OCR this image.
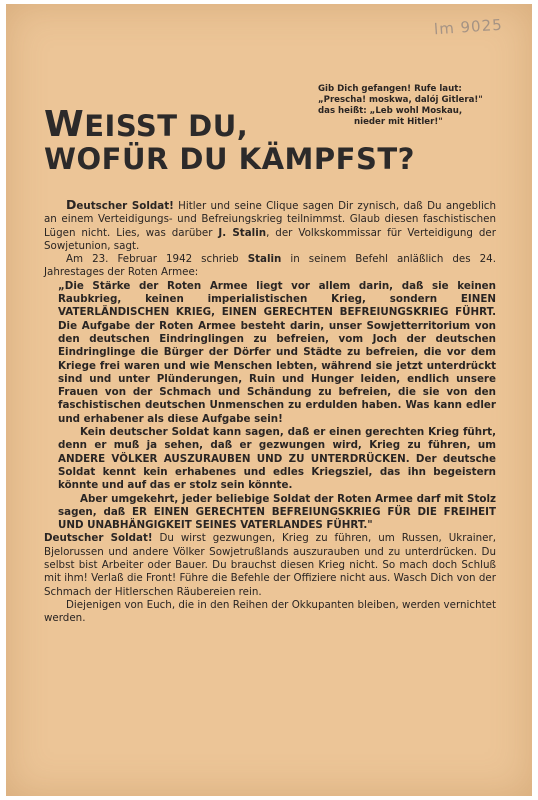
lm 9025
Gib Dich gefangen! Rufe laut:
„Prescha! moskwa, dalój Gitlera!"
das heißt: „Leb wohl Moskau,
nieder mit Hitler!"
WEISST DU,
WOFÜR DU KÄMPFST?

Deutscher Soldat! Hitler und seine Clique sagen Dir zynisch, daß Du angeblich an einem Verteidigungs- und Befreiungskrieg teilnimmst. Glaub diesen faschistischen Lügen nicht. Lies, was darüber J. Stalin, der Volkskommissar für Verteidigung der Sowjetunion, sagt.

Am 23. Februar 1942 schrieb Stalin in seinem Befehl anläßlich des 24. Jahrestages der Roten Armee:

„Die Stärke der Roten Armee liegt vor allem darin, daß sie keinen Raubkrieg, keinen imperialistischen Krieg, sondern EINEN VATERLÄNDISCHEN KRIEG, EINEN GERECHTEN BEFREIUNGSKRIEG FÜHRT. Die Aufgabe der Roten Armee besteht darin, unser Sowjetterritorium von den deutschen Eindringlingen zu befreien, vom Joch der deutschen Eindringlinge die Bürger der Dörfer und Städte zu befreien, die vor dem Kriege frei waren und wie Menschen lebten, während sie jetzt unterdrückt sind und unter Plünderungen, Ruin und Hunger leiden, endlich unsere Frauen von der Schmach und Schändung zu befreien, die sie von den faschistischen deutschen Unmenschen zu erdulden haben. Was kann edler und erhabener als diese Aufgabe sein!

Kein deutscher Soldat kann sagen, daß er einen gerechten Krieg führt, denn er muß ja sehen, daß er gezwungen wird, Krieg zu führen, um ANDERE VÖLKER AUSZURAUBEN UND ZU UNTERDRÜCKEN. Der deutsche Soldat kennt kein erhabenes und edles Kriegsziel, das ihn begeistern könnte und auf das er stolz sein könnte.

Aber umgekehrt, jeder beliebige Soldat der Roten Armee darf mit Stolz sagen, daß ER EINEN GERECHTEN BEFREIUNGSKRIEG FÜR DIE FREIHEIT UND UNABHÄNGIGKEIT SEINES VATERLANDES FÜHRT."

Deutscher Soldat! Du wirst gezwungen, Krieg zu führen, um Russen, Ukrainer, Bjelorussen und andere Völker Sowjetrußlands auszurauben und zu unterdrücken. Du selbst bist Arbeiter oder Bauer. Du brauchst diesen Krieg nicht. So mach doch Schluß mit ihm! Verlaß die Front! Führe die Befehle der Offiziere nicht aus. Wasch Dich von der Schmach der Hitlerschen Räubereien rein.

Diejenigen von Euch, die in den Reihen der Okkupanten bleiben, werden vernichtet werden.
